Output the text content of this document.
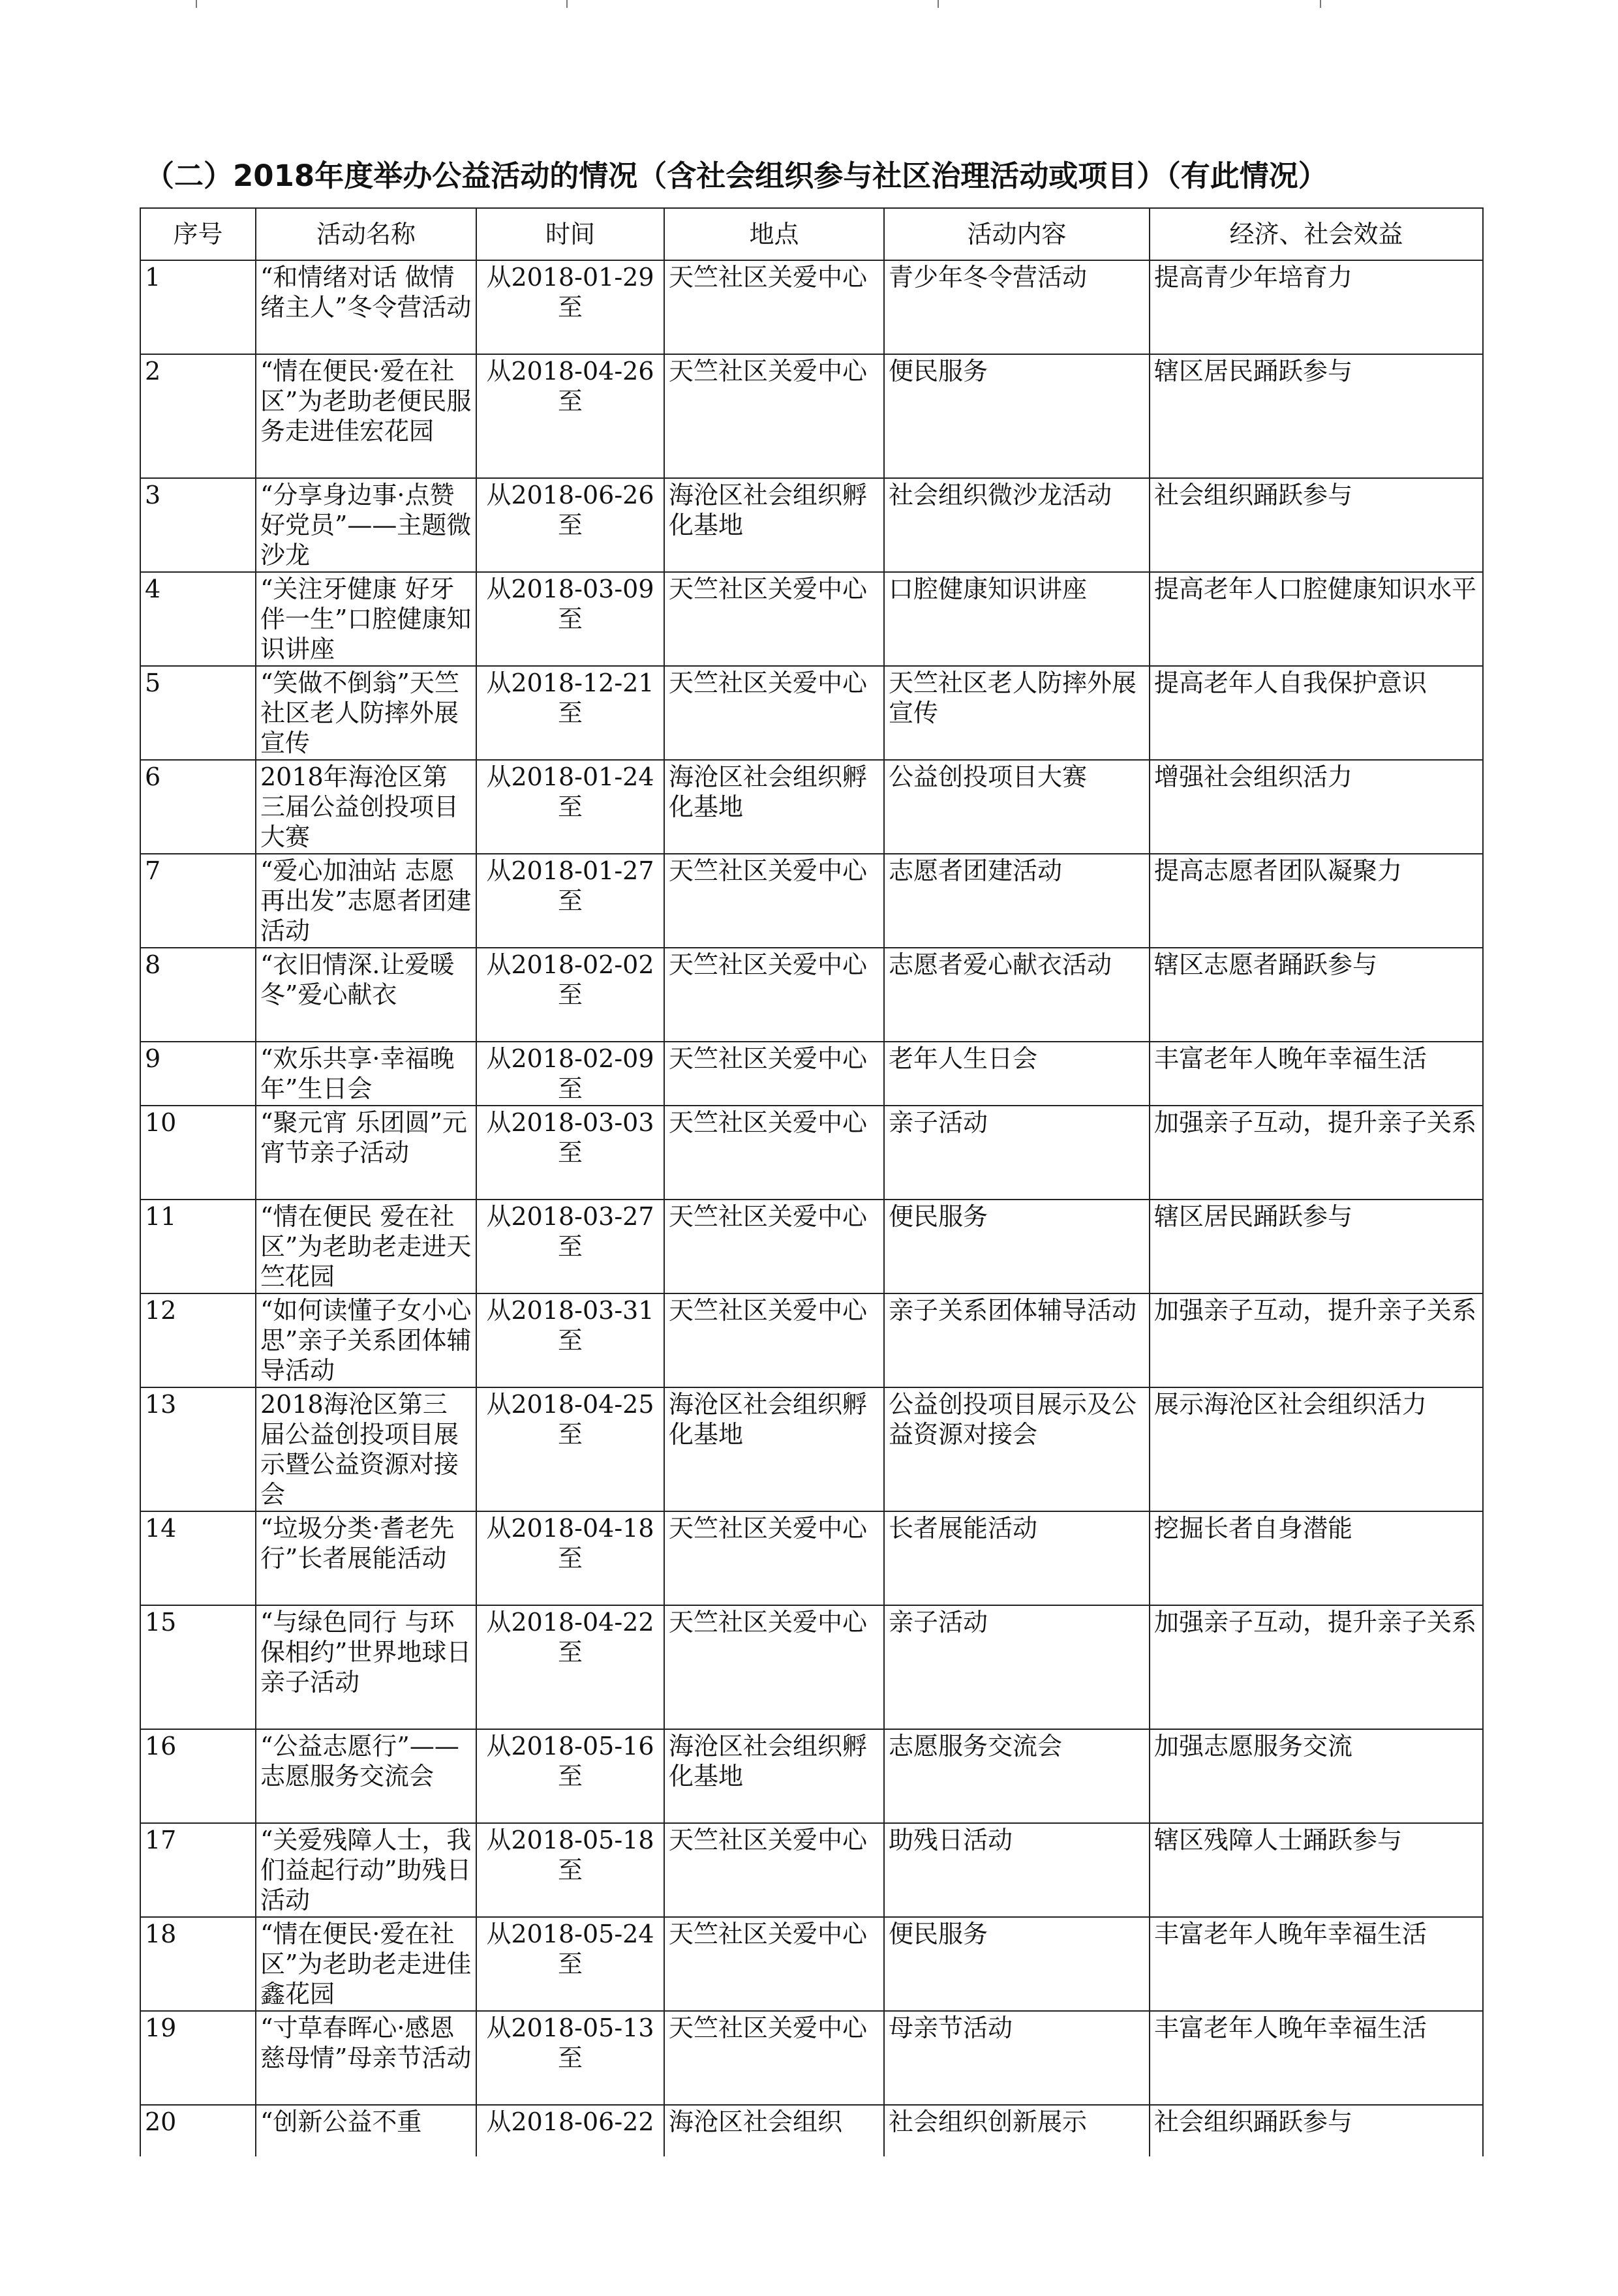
（二）2018年度举办公益活动的情况（含社会组织参与社区治理活动或项目）（有此情况）
序号	活动名称	时间	地点	活动内容	经济、社会效益
1	“和情绪对话 做情绪主人”冬令营活动	从2018-01-29 至	天竺社区关爱中心	青少年冬令营活动	提高青少年培育力
2	“情在便民·爱在社区”为老助老便民服务走进佳宏花园	从2018-04-26 至	天竺社区关爱中心	便民服务	辖区居民踊跃参与
3	“分享身边事·点赞好党员”——主题微沙龙	从2018-06-26 至	海沧区社会组织孵化基地	社会组织微沙龙活动	社会组织踊跃参与
4	“关注牙健康 好牙伴一生”口腔健康知识讲座	从2018-03-09 至	天竺社区关爱中心	口腔健康知识讲座	提高老年人口腔健康知识水平
5	“笑做不倒翁”天竺社区老人防摔外展宣传	从2018-12-21 至	天竺社区关爱中心	天竺社区老人防摔外展宣传	提高老年人自我保护意识
6	2018年海沧区第三届公益创投项目大赛	从2018-01-24 至	海沧区社会组织孵化基地	公益创投项目大赛	增强社会组织活力
7	“爱心加油站 志愿再出发”志愿者团建活动	从2018-01-27 至	天竺社区关爱中心	志愿者团建活动	提高志愿者团队凝聚力
8	“衣旧情深.让爱暖冬”爱心献衣	从2018-02-02 至	天竺社区关爱中心	志愿者爱心献衣活动	辖区志愿者踊跃参与
9	“欢乐共享·幸福晚年”生日会	从2018-02-09 至	天竺社区关爱中心	老年人生日会	丰富老年人晚年幸福生活
10	“聚元宵 乐团圆”元宵节亲子活动	从2018-03-03 至	天竺社区关爱中心	亲子活动	加强亲子互动，提升亲子关系
11	“情在便民 爱在社区”为老助老走进天竺花园	从2018-03-27 至	天竺社区关爱中心	便民服务	辖区居民踊跃参与
12	“如何读懂子女小心思”亲子关系团体辅导活动	从2018-03-31 至	天竺社区关爱中心	亲子关系团体辅导活动	加强亲子互动，提升亲子关系
13	2018海沧区第三届公益创投项目展示暨公益资源对接会	从2018-04-25 至	海沧区社会组织孵化基地	公益创投项目展示及公益资源对接会	展示海沧区社会组织活力
14	“垃圾分类·耆老先行”长者展能活动	从2018-04-18 至	天竺社区关爱中心	长者展能活动	挖掘长者自身潜能
15	“与绿色同行 与环保相约”世界地球日亲子活动	从2018-04-22 至	天竺社区关爱中心	亲子活动	加强亲子互动，提升亲子关系
16	“公益志愿行”——志愿服务交流会	从2018-05-16 至	海沧区社会组织孵化基地	志愿服务交流会	加强志愿服务交流
17	“关爱残障人士，我们益起行动”助残日活动	从2018-05-18 至	天竺社区关爱中心	助残日活动	辖区残障人士踊跃参与
18	“情在便民·爱在社区”为老助老走进佳鑫花园	从2018-05-24 至	天竺社区关爱中心	便民服务	丰富老年人晚年幸福生活
19	“寸草春晖心·感恩慈母情”母亲节活动	从2018-05-13 至	天竺社区关爱中心	母亲节活动	丰富老年人晚年幸福生活
20	“创新公益不重	从2018-06-22	海沧区社会组织	社会组织创新展示	社会组织踊跃参与
